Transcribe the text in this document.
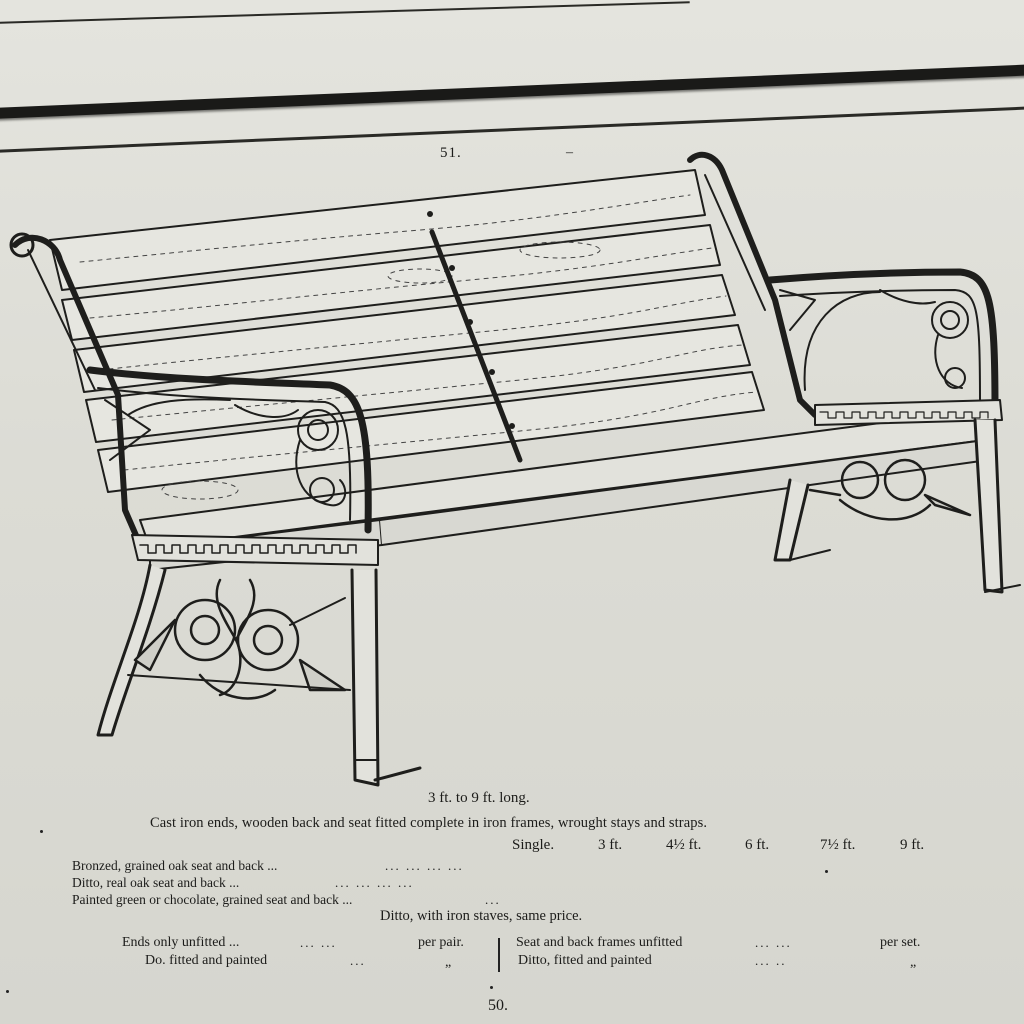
51.	–
3 ft. to 9 ft. long.
Cast iron ends, wooden back and seat fitted complete in iron frames, wrought stays and straps.
Single.	3 ft.	4½ ft.	6 ft.	7½ ft.	9 ft.
Bronzed, grained oak seat and back ...	... ... ... ...
Ditto, real oak seat and back ...	... ... ... ...
Painted green or chocolate, grained seat and back ...	...
Ditto, with iron staves, same price.
Ends only unfitted ...	... ...	per pair.
Do. fitted and painted	...	„
Seat and back frames unfitted	... ...	per set.
Ditto, fitted and painted	... ..	„
50.
